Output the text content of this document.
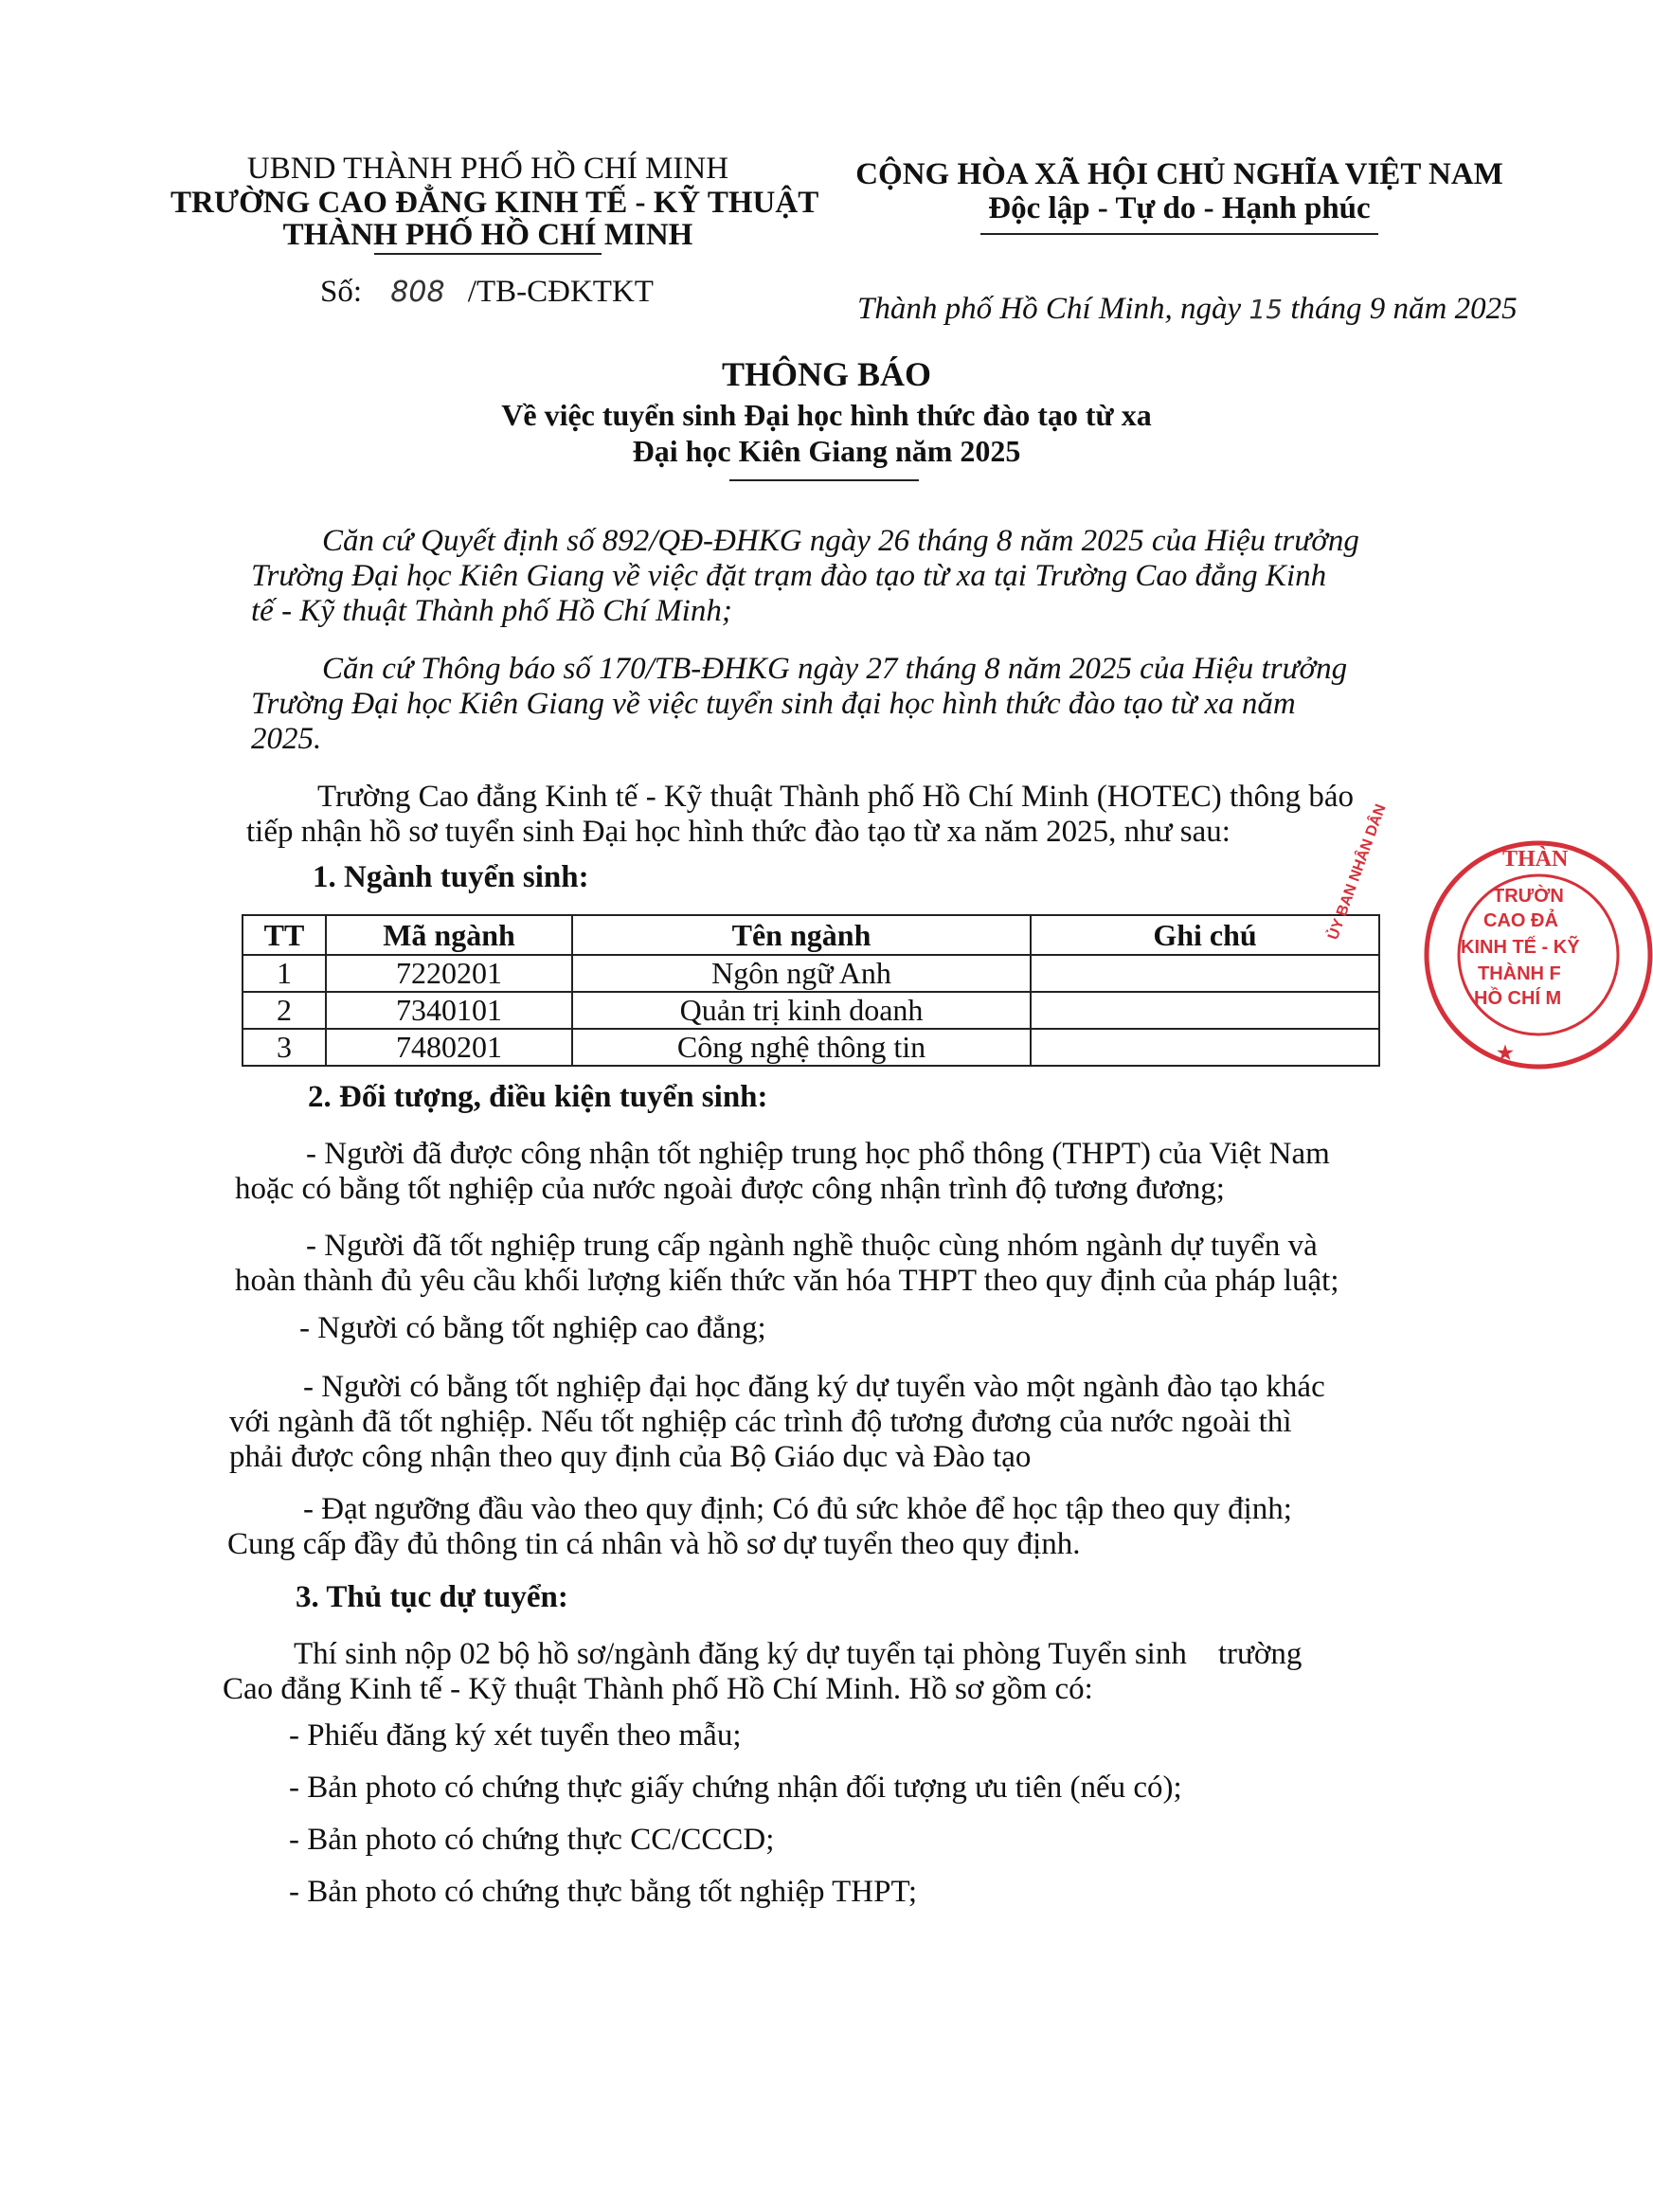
UBND THÀNH PHỐ HỒ CHÍ MINH
TRƯỜNG CAO ĐẲNG KINH TẾ - KỸ THUẬT
THÀNH PHỐ HỒ CHÍ MINH
Số: 808 /TB-CĐKTKT
CỘNG HÒA XÃ HỘI CHỦ NGHĨA VIỆT NAM
Độc lập - Tự do - Hạnh phúc
Thành phố Hồ Chí Minh, ngày 15 tháng 9 năm 2025
THÔNG BÁO
Về việc tuyển sinh Đại học hình thức đào tạo từ xa
Đại học Kiên Giang năm 2025
Căn cứ Quyết định số 892/QĐ-ĐHKG ngày 26 tháng 8 năm 2025 của Hiệu trưởng
Trường Đại học Kiên Giang về việc đặt trạm đào tạo từ xa tại Trường Cao đẳng Kinh
tế - Kỹ thuật Thành phố Hồ Chí Minh;
Căn cứ Thông báo số 170/TB-ĐHKG ngày 27 tháng 8 năm 2025 của Hiệu trưởng
Trường Đại học Kiên Giang về việc tuyển sinh đại học hình thức đào tạo từ xa năm
2025.
Trường Cao đẳng Kinh tế - Kỹ thuật Thành phố Hồ Chí Minh (HOTEC) thông báo
tiếp nhận hồ sơ tuyển sinh Đại học hình thức đào tạo từ xa năm 2025, như sau:
1. Ngành tuyển sinh:
TT	Mã ngành	Tên ngành	Ghi chú
1	7220201	Ngôn ngữ Anh	
2	7340101	Quản trị kinh doanh	
3	7480201	Công nghệ thông tin	
2. Đối tượng, điều kiện tuyển sinh:
- Người đã được công nhận tốt nghiệp trung học phổ thông (THPT) của Việt Nam
hoặc có bằng tốt nghiệp của nước ngoài được công nhận trình độ tương đương;
- Người đã tốt nghiệp trung cấp ngành nghề thuộc cùng nhóm ngành dự tuyển và
hoàn thành đủ yêu cầu khối lượng kiến thức văn hóa THPT theo quy định của pháp luật;
- Người có bằng tốt nghiệp cao đẳng;
- Người có bằng tốt nghiệp đại học đăng ký dự tuyển vào một ngành đào tạo khác
với ngành đã tốt nghiệp. Nếu tốt nghiệp các trình độ tương đương của nước ngoài thì
phải được công nhận theo quy định của Bộ Giáo dục và Đào tạo
- Đạt ngưỡng đầu vào theo quy định; Có đủ sức khỏe để học tập theo quy định;
Cung cấp đầy đủ thông tin cá nhân và hồ sơ dự tuyển theo quy định.
3. Thủ tục dự tuyển:
Thí sinh nộp 02 bộ hồ sơ/ngành đăng ký dự tuyển tại phòng Tuyển sinh    trường
Cao đẳng Kinh tế - Kỹ thuật Thành phố Hồ Chí Minh. Hồ sơ gồm có:
- Phiếu đăng ký xét tuyển theo mẫu;
- Bản photo có chứng thực giấy chứng nhận đối tượng ưu tiên (nếu có);
- Bản photo có chứng thực CC/CCCD;
- Bản photo có chứng thực bằng tốt nghiệp THPT;
THÀN
TRƯỜN
CAO ĐẢ
KINH TẾ - KỸ
THÀNH F
HỒ CHÍ M
★
ỦY BAN NHÂN DÂN
